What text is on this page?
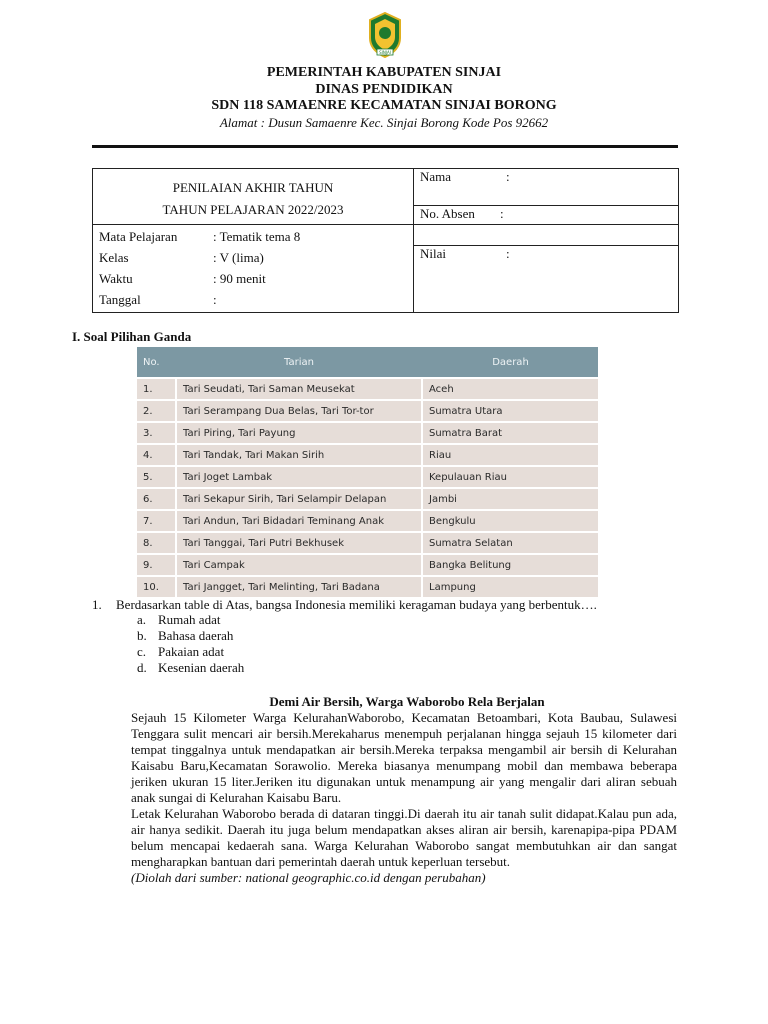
SINJAI
PEMERINTAH KABUPATEN SINJAI
DINAS PENDIDIKAN
SDN 118 SAMAENRE KECAMATAN SINJAI BORONG
Alamat : Dusun Samaenre Kec. Sinjai Borong Kode Pos 92662
PENILAIAN AKHIR TAHUN
TAHUN PELAJARAN 2022/2023	Nama :
	No. Absen :

Mata Pelajaran : Tematik tema 8
Kelas : V (lima)
Waktu : 90 menit
Tanggal :	

	Nilai :
I. Soal Pilihan Ganda
No.	Tarian	Daerah
1.	Tari Seudati, Tari Saman Meusekat	Aceh
2.	Tari Serampang Dua Belas, Tari Tor-tor	Sumatra Utara
3.	Tari Piring, Tari Payung	Sumatra Barat
4.	Tari Tandak, Tari Makan Sirih	Riau
5.	Tari Joget Lambak	Kepulauan Riau
6.	Tari Sekapur Sirih, Tari Selampir Delapan	Jambi
7.	Tari Andun, Tari Bidadari Teminang Anak	Bengkulu
8.	Tari Tanggai, Tari Putri Bekhusek	Sumatra Selatan
9.	Tari Campak	Bangka Belitung
10.	Tari Jangget, Tari Melinting, Tari Badana	Lampung
1. Berdasarkan table di Atas, bangsa Indonesia memiliki keragaman budaya yang berbentuk….
a. Rumah adat
b. Bahasa daerah
c. Pakaian adat
d. Kesenian daerah
Demi Air Bersih, Warga Waborobo Rela Berjalan

Sejauh 15 Kilometer Warga KelurahanWaborobo, Kecamatan Betoambari, Kota Baubau, Sulawesi Tenggara sulit mencari air bersih.Merekaharus menempuh perjalanan hingga sejauh 15 kilometer dari tempat tinggalnya untuk mendapatkan air bersih.Mereka terpaksa mengambil air bersih di Kelurahan Kaisabu Baru,Kecamatan Sorawolio. Mereka biasanya menumpang mobil dan membawa beberapa jeriken ukuran 15 liter.Jeriken itu digunakan untuk menampung air yang mengalir dari aliran sebuah anak sungai di Kelurahan Kaisabu Baru.

Letak Kelurahan Waborobo berada di dataran tinggi.Di daerah itu air tanah sulit didapat.Kalau pun ada, air hanya sedikit. Daerah itu juga belum mendapatkan akses aliran air bersih, karenapipa-pipa PDAM belum mencapai kedaerah sana. Warga Kelurahan Waborobo sangat membutuhkan air dan sangat mengharapkan bantuan dari pemerintah daerah untuk keperluan tersebut.

(Diolah dari sumber: national geographic.co.id dengan perubahan)
